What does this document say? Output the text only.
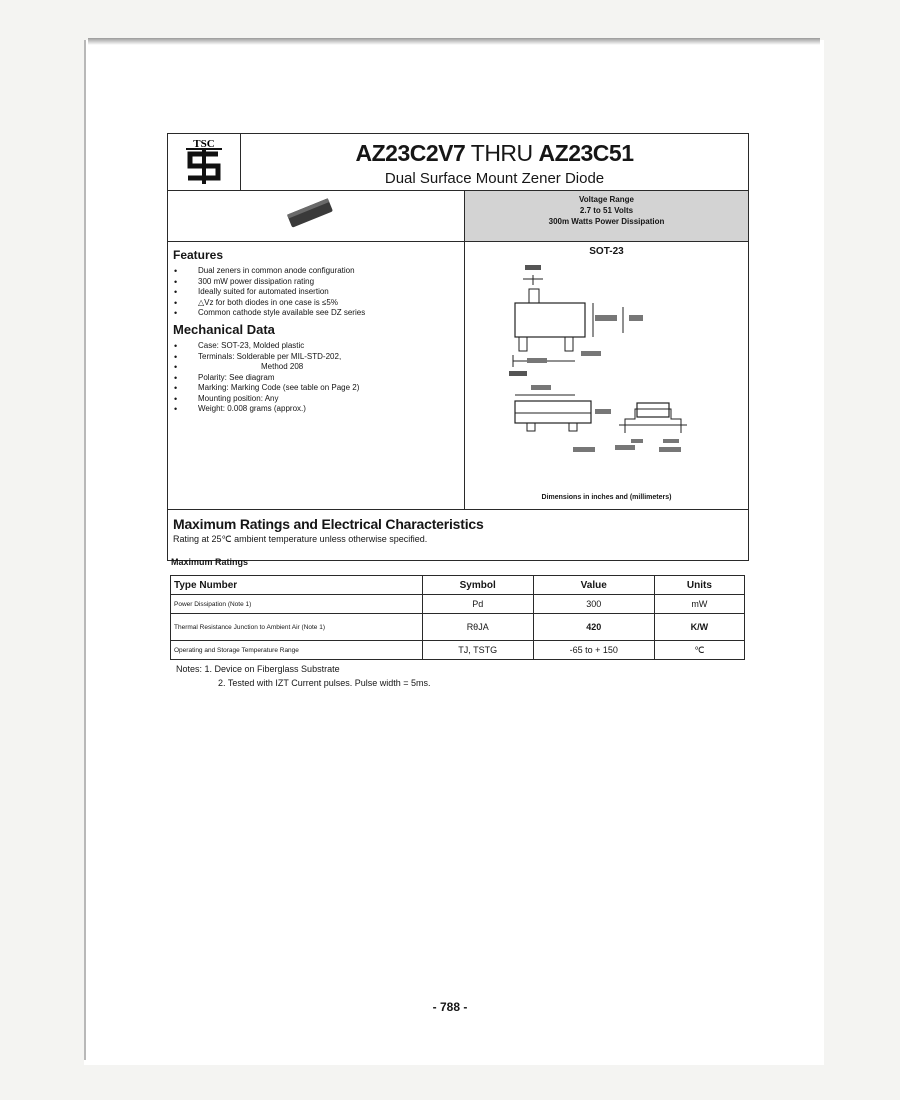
TSC	AZ23C2V7 THRU AZ23C51
Dual Surface Mount Zener Diode
Voltage Range
2.7 to 51 Volts
300m Watts Power Dissipation
Features
• Dual zeners in common anode configuration
• 300 mW power dissipation rating
• Ideally suited for automated insertion
• △Vz for both diodes in one case is ≤5%
• Common cathode style available see DZ series
Mechanical Data
• Case: SOT-23, Molded plastic
• Terminals: Solderable per MIL-STD-202,
• Method 208
• Polarity: See diagram
• Marking: Marking Code (see table on Page 2)
• Mounting position: Any
• Weight: 0.008 grams (approx.)
SOT-23
Dimensions in inches and (millimeters)
Maximum Ratings and Electrical Characteristics
Rating at 25℃ ambient temperature unless otherwise specified.
Maximum Ratings
Type Number	Symbol	Value	Units
Power Dissipation (Note 1)	Pd	300	mW
Thermal Resistance Junction to Ambient Air (Note 1)	RθJA	420	K/W
Operating and Storage Temperature Range	TJ, TSTG	-65 to + 150	℃
Notes: 1. Device on Fiberglass Substrate
2. Tested with IZT Current pulses. Pulse width = 5ms.
- 788 -
